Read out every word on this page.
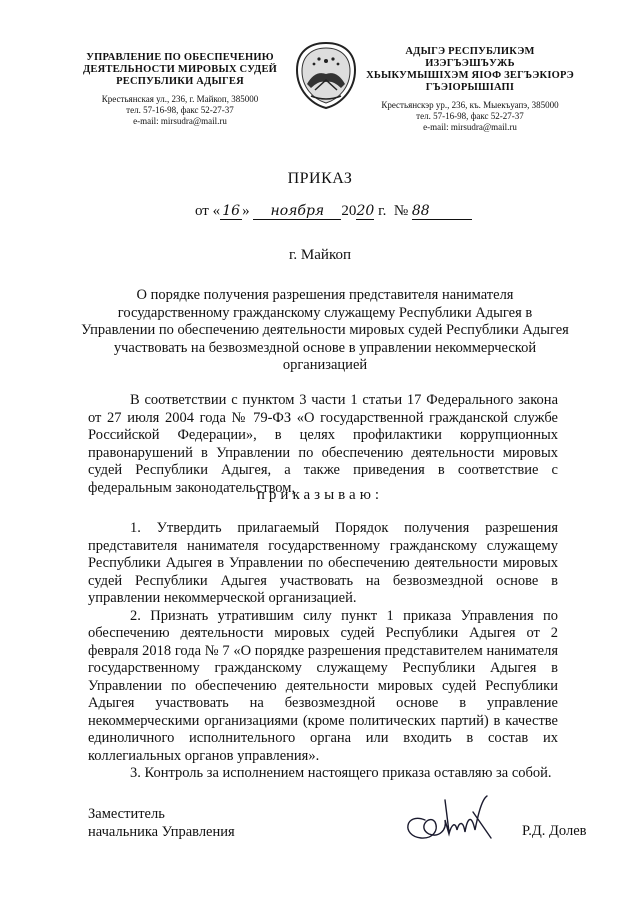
УПРАВЛЕНИЕ ПО ОБЕСПЕЧЕНИЮ
ДЕЯТЕЛЬНОСТИ МИРОВЫХ СУДЕЙ
РЕСПУБЛИКИ АДЫГЕЯ
Крестьянская ул., 236, г. Майкоп, 385000
тел. 57-16-98, факс 52-27-37
e-mail: mirsudra@mail.ru
АДЫГЭ РЕСПУБЛИКЭМ ИЗЭГЪЭШЪУЖЬ
ХЬЫКУМЫШІХЭМ ЯІОФ ЗЕГЪЭКІОРЭ
ГЪЭІОРЫШІАПІ
Крестьянскэр ур., 236, къ. Мыекъуапэ, 385000
тел. 57-16-98, факс 52-27-37
e-mail: mirsudra@mail.ru
ПРИКАЗ
от « 16 » ноября 2020 г. № 88
г. Майкоп
О порядке получения разрешения представителя нанимателя государственному гражданскому служащему Республики Адыгея в Управлении по обеспечению деятельности мировых судей Республики Адыгея участвовать на безвозмездной основе в управлении некоммерческой организацией
В соответствии с пунктом 3 части 1 статьи 17 Федерального закона от 27 июля 2004 года № 79-ФЗ «О государственной гражданской службе Российской Федерации», в целях профилактики коррупционных правонарушений в Управлении по обеспечению деятельности мировых судей Республики Адыгея, а также приведения в соответствие с федеральным законодательством,
приказываю:

1. Утвердить прилагаемый Порядок получения разрешения представителя нанимателя государственному гражданскому служащему Республики Адыгея в Управлении по обеспечению деятельности мировых судей Республики Адыгея участвовать на безвозмездной основе в управлении некоммерческой организацией.

2. Признать утратившим силу пункт 1 приказа Управления по обеспечению деятельности мировых судей Республики Адыгея от 2 февраля 2018 года № 7 «О порядке разрешения представителем нанимателя государственному гражданскому служащему Республики Адыгея в Управлении по обеспечению деятельности мировых судей Республики Адыгея участвовать на безвозмездной основе в управление некоммерческими организациями (кроме политических партий) в качестве единоличного исполнительного органа или входить в состав их коллегиальных органов управления».

3. Контроль за исполнением настоящего приказа оставляю за собой.

Заместитель
начальника Управления	Р.Д. Долев
